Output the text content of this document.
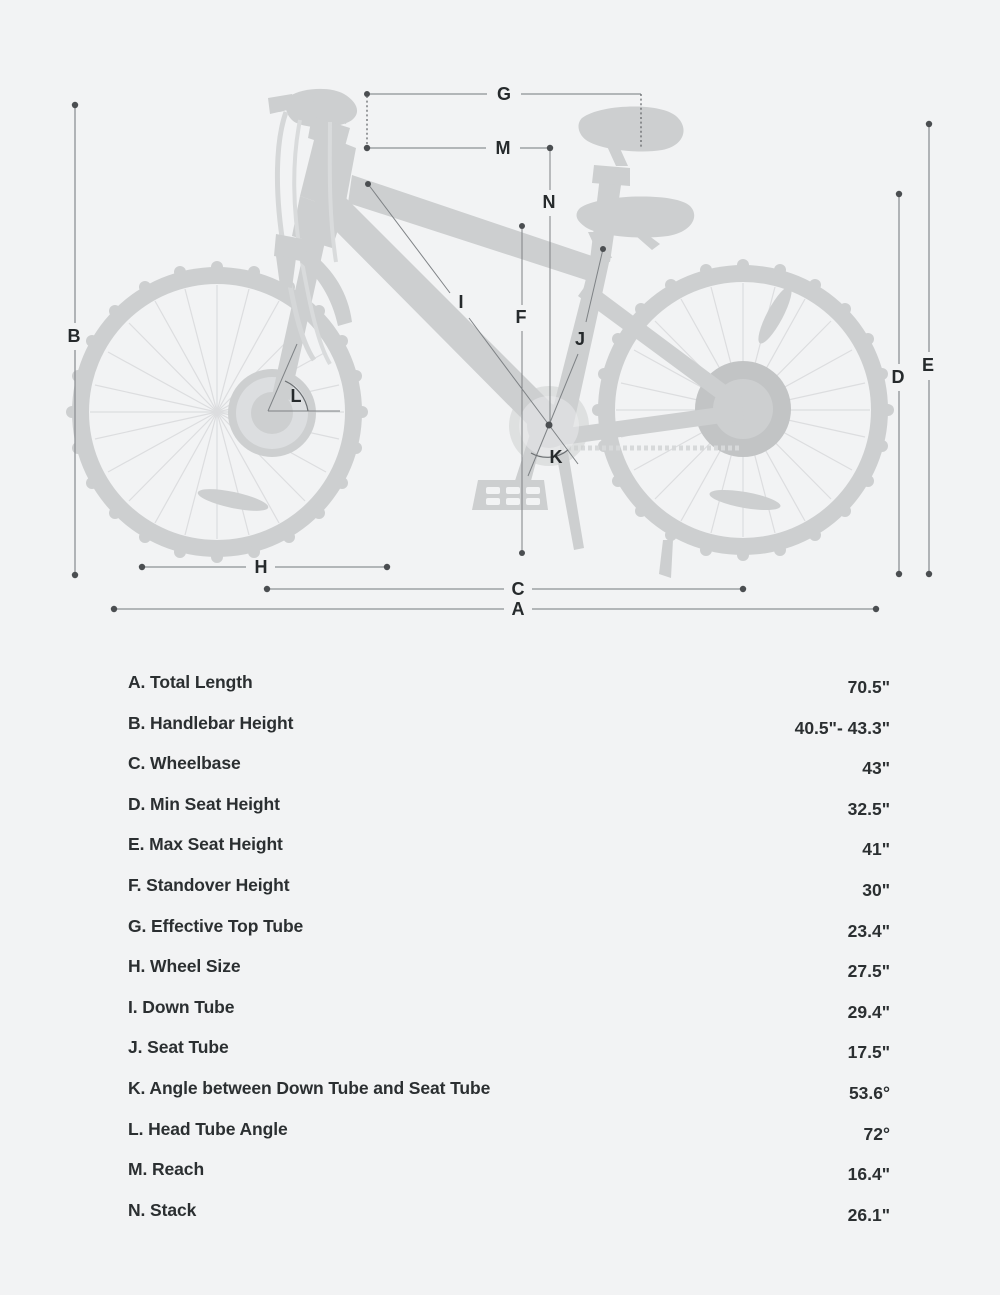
G
M
N
F
I
J
K
L
B
D
E
H
C
A
A. Total Length	70.5"
B. Handlebar Height	40.5"- 43.3"
C. Wheelbase	43"
D. Min Seat Height	32.5"
E. Max Seat Height	41"
F. Standover Height	30"
G. Effective Top Tube	23.4"
H. Wheel Size	27.5"
I. Down Tube	29.4"
J. Seat Tube	17.5"
K. Angle between Down Tube and Seat Tube	53.6°
L. Head Tube Angle	72°
M. Reach	16.4"
N. Stack	26.1"
